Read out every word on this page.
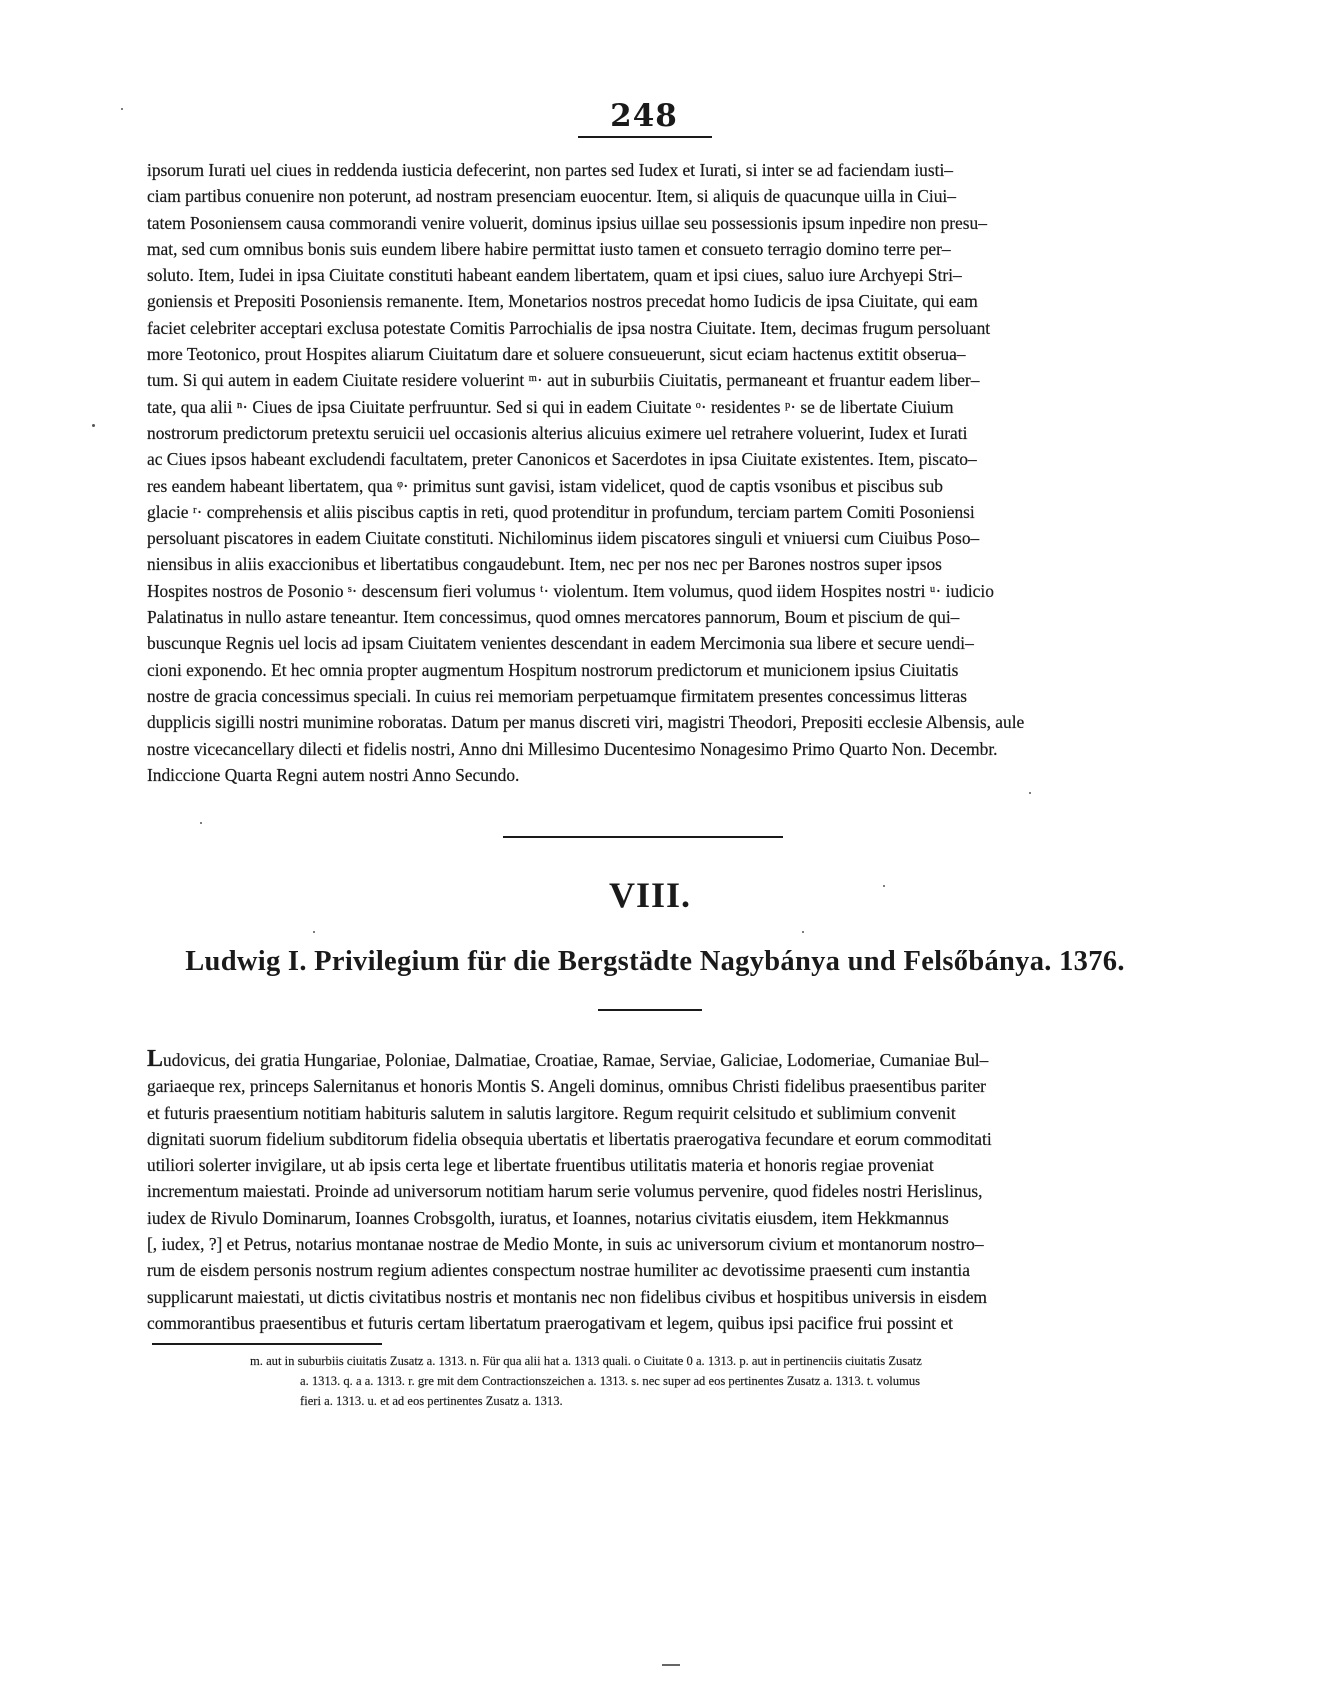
248
ipsorum Iurati uel ciues in reddenda iusticia defecerint, non partes sed Iudex et Iurati, si inter se ad faciendam iusti–
ciam partibus conuenire non poterunt, ad nostram presenciam euocentur. Item, si aliquis de quacunque uilla in Ciui–
tatem Posoniensem causa commorandi venire voluerit, dominus ipsius uillae seu possessionis ipsum inpedire non presu–
mat, sed cum omnibus bonis suis eundem libere habire permittat iusto tamen et consueto terragio domino terre per–
soluto. Item, Iudei in ipsa Ciuitate constituti habeant eandem libertatem, quam et ipsi ciues, saluo iure Archyepi Stri–
goniensis et Prepositi Posoniensis remanente. Item, Monetarios nostros precedat homo Iudicis de ipsa Ciuitate, qui eam
faciet celebriter acceptari exclusa potestate Comitis Parrochialis de ipsa nostra Ciuitate. Item, decimas frugum persoluant
more Teotonico, prout Hospites aliarum Ciuitatum dare et soluere consueuerunt, sicut eciam hactenus extitit obserua–
tum. Si qui autem in eadem Ciuitate residere voluerint ᵐ· aut in suburbiis Ciuitatis, permaneant et fruantur eadem liber–
tate, qua alii ⁿ· Ciues de ipsa Ciuitate perfruuntur. Sed si qui in eadem Ciuitate ᵒ· residentes ᵖ· se de libertate Ciuium
nostrorum predictorum pretextu seruicii uel occasionis alterius alicuius eximere uel retrahere voluerint, Iudex et Iurati
ac Ciues ipsos habeant excludendi facultatem, preter Canonicos et Sacerdotes in ipsa Ciuitate existentes. Item, piscato–
res eandem habeant libertatem, qua ᵠ· primitus sunt gavisi, istam videlicet, quod de captis vsonibus et piscibus sub
glacie ʳ· comprehensis et aliis piscibus captis in reti, quod protenditur in profundum, terciam partem Comiti Posoniensi
persoluant piscatores in eadem Ciuitate constituti. Nichilominus iidem piscatores singuli et vniuersi cum Ciuibus Poso–
niensibus in aliis exaccionibus et libertatibus congaudebunt. Item, nec per nos nec per Barones nostros super ipsos
Hospites nostros de Posonio ˢ· descensum fieri volumus ᵗ· violentum. Item volumus, quod iidem Hospites nostri ᵘ· iudicio
Palatinatus in nullo astare teneantur. Item concessimus, quod omnes mercatores pannorum, Boum et piscium de qui–
buscunque Regnis uel locis ad ipsam Ciuitatem venientes descendant in eadem Mercimonia sua libere et secure uendi–
cioni exponendo. Et hec omnia propter augmentum Hospitum nostrorum predictorum et municionem ipsius Ciuitatis
nostre de gracia concessimus speciali. In cuius rei memoriam perpetuamque firmitatem presentes concessimus litteras
dupplicis sigilli nostri munimine roboratas. Datum per manus discreti viri, magistri Theodori, Prepositi ecclesie Albensis, aule
nostre vicecancellary dilecti et fidelis nostri, Anno dni Millesimo Ducentesimo Nonagesimo Primo Quarto Non. Decembr.
Indiccione Quarta Regni autem nostri Anno Secundo.
VIII.
Ludwig I. Privilegium für die Bergstädte Nagybánya und Felsőbánya. 1376.
Ludovicus, dei gratia Hungariae, Poloniae, Dalmatiae, Croatiae, Ramae, Serviae, Galiciae, Lodomeriae, Cumaniae Bul–
gariaeque rex, princeps Salernitanus et honoris Montis S. Angeli dominus, omnibus Christi fidelibus praesentibus pariter
et futuris praesentium notitiam habituris salutem in salutis largitore. Regum requirit celsitudo et sublimium convenit
dignitati suorum fidelium subditorum fidelia obsequia ubertatis et libertatis praerogativa fecundare et eorum commoditati
utiliori solerter invigilare, ut ab ipsis certa lege et libertate fruentibus utilitatis materia et honoris regiae proveniat
incrementum maiestati. Proinde ad universorum notitiam harum serie volumus pervenire, quod fideles nostri Herislinus,
iudex de Rivulo Dominarum, Ioannes Crobsgolth, iuratus, et Ioannes, notarius civitatis eiusdem, item Hekkmannus
[, iudex, ?] et Petrus, notarius montanae nostrae de Medio Monte, in suis ac universorum civium et montanorum nostro–
rum de eisdem personis nostrum regium adientes conspectum nostrae humiliter ac devotissime praesenti cum instantia
supplicarunt maiestati, ut dictis civitatibus nostris et montanis nec non fidelibus civibus et hospitibus universis in eisdem
commorantibus praesentibus et futuris certam libertatum praerogativam et legem, quibus ipsi pacifice frui possint et
m. aut in suburbiis ciuitatis Zusatz a. 1313. n. Für qua alii hat a. 1313 quali. o Ciuitate 0 a. 1313. p. aut in pertinenciis ciuitatis Zusatz
a. 1313. q. a a. 1313. r. gre mit dem Contractionszeichen a. 1313. s. nec super ad eos pertinentes Zusatz a. 1313. t. volumus
fieri a. 1313. u. et ad eos pertinentes Zusatz a. 1313.
